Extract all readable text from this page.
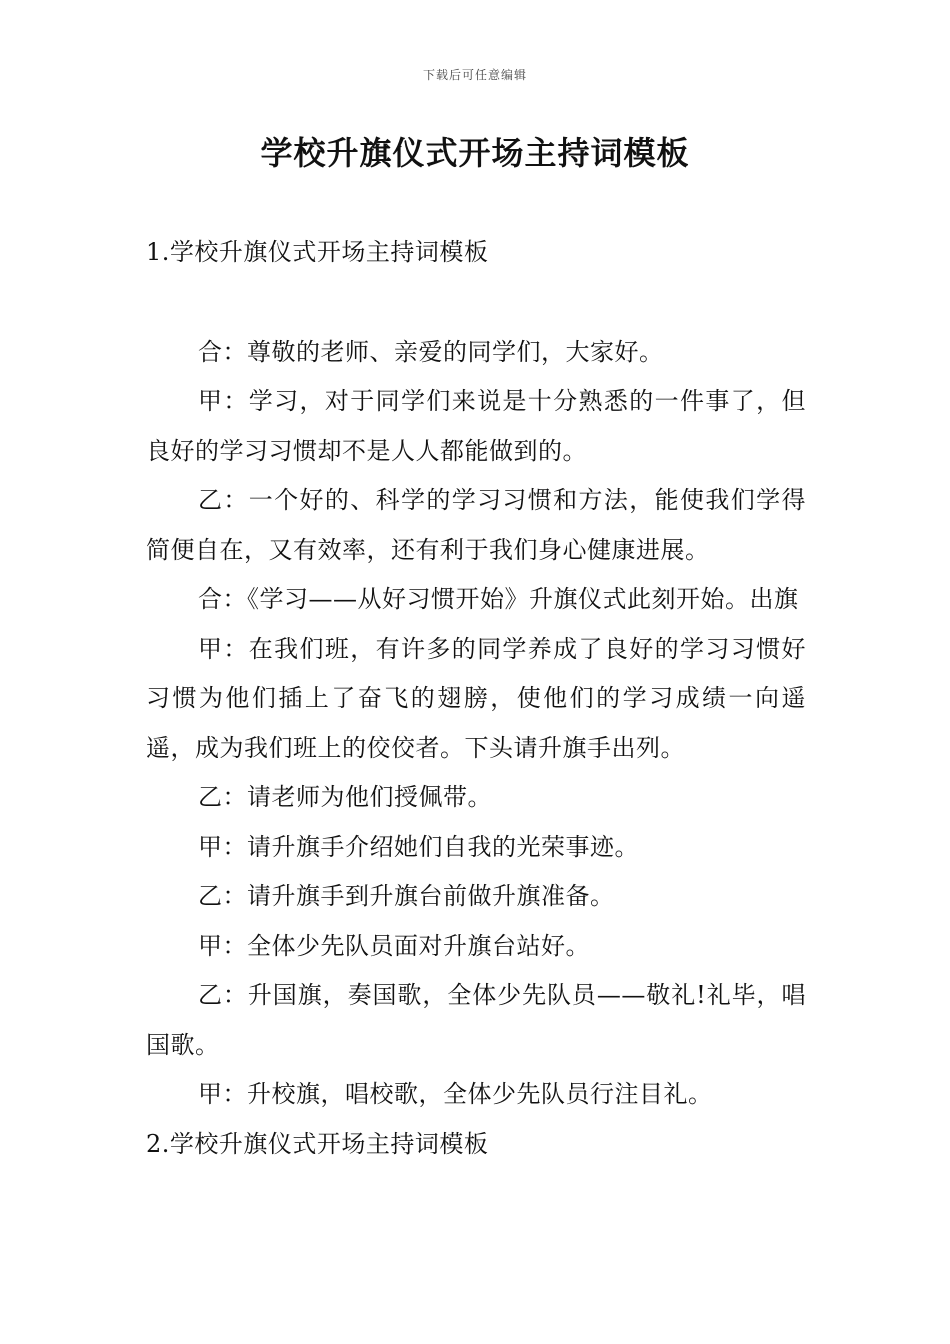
下载后可任意编辑
学校升旗仪式开场主持词模板
1.学校升旗仪式开场主持词模板

合：尊敬的老师、亲爱的同学们，大家好。

甲：学习，对于同学们来说是十分熟悉的一件事了，但良好的学习习惯却不是人人都能做到的。

乙：一个好的、科学的学习习惯和方法，能使我们学得简便自在，又有效率，还有利于我们身心健康进展。

合：《学习——从好习惯开始》升旗仪式此刻开始。出旗

甲：在我们班，有许多的同学养成了良好的学习习惯好习惯为他们插上了奋飞的翅膀，使他们的学习成绩一向遥遥，成为我们班上的佼佼者。下头请升旗手出列。

乙：请老师为他们授佩带。

甲：请升旗手介绍她们自我的光荣事迹。

乙：请升旗手到升旗台前做升旗准备。

甲：全体少先队员面对升旗台站好。

乙：升国旗，奏国歌，全体少先队员——敬礼!礼毕，唱国歌。

甲：升校旗，唱校歌，全体少先队员行注目礼。

2.学校升旗仪式开场主持词模板
